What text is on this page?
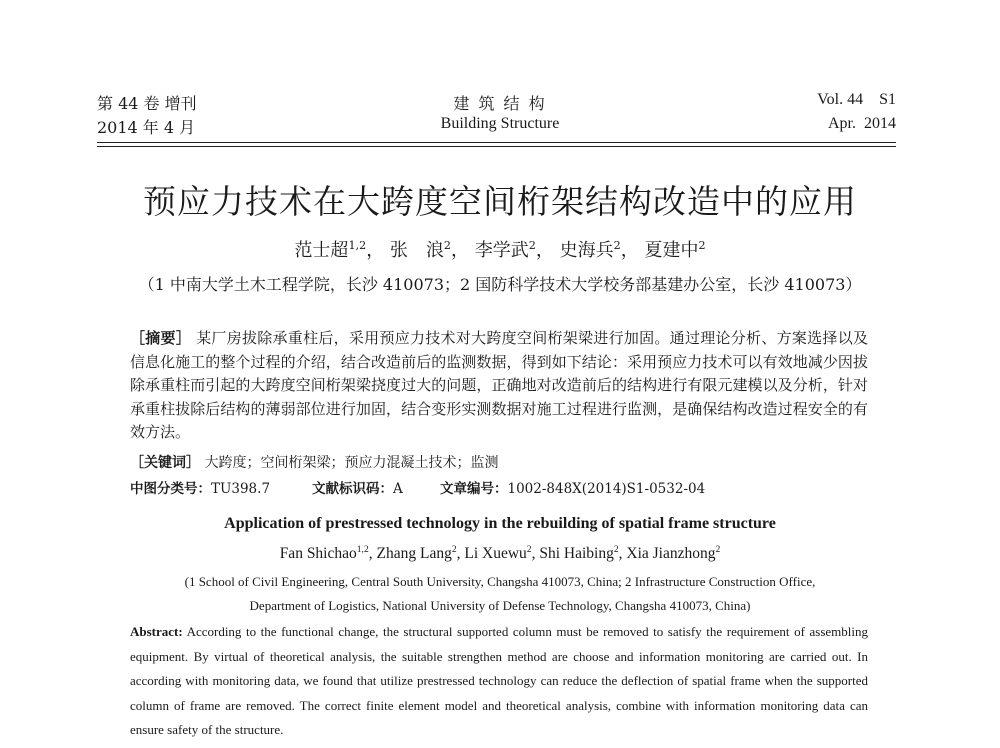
第 44 卷 增刊
2014 年 4 月
建 筑 结 构
Building Structure
Vol. 44    S1
Apr.  2014
预应力技术在大跨度空间桁架结构改造中的应用
范士超$^{1,2}$， 张　浪$^2$， 李学武$^2$， 史海兵$^2$， 夏建中$^2$
（1 中南大学土木工程学院，长沙 410073；2 国防科学技术大学校务部基建办公室，长沙 410073）
［摘要］ 某厂房拔除承重柱后，采用预应力技术对大跨度空间桁架梁进行加固。通过理论分析、方案选择以及信息化施工的整个过程的介绍，结合改造前后的监测数据，得到如下结论：采用预应力技术可以有效地减少因拔除承重柱而引起的大跨度空间桁架梁挠度过大的问题，正确地对改造前后的结构进行有限元建模以及分析，针对承重柱拔除后结构的薄弱部位进行加固，结合变形实测数据对施工过程进行监测，是确保结构改造过程安全的有效方法。
［关键词］ 大跨度；空间桁架梁；预应力混凝土技术；监测
中图分类号：TU398.7	文献标识码：A	文章编号：1002-848X(2014)S1-0532-04
Application of prestressed technology in the rebuilding of spatial frame structure
Fan Shichao$^{1,2}$, Zhang Lang$^2$, Li Xuewu$^2$, Shi Haibing$^2$, Xia Jianzhong$^2$
(1 School of Civil Engineering, Central South University, Changsha 410073, China; 2 Infrastructure Construction Office,
Department of Logistics, National University of Defense Technology, Changsha 410073, China)
Abstract: According to the functional change, the structural supported column must be removed to satisfy the requirement of assembling equipment. By virtual of theoretical analysis, the suitable strengthen method are choose and information monitoring are carried out. In according with monitoring data, we found that utilize prestressed technology can reduce the deflection of spatial frame when the supported column of frame are removed. The correct finite element model and theoretical analysis, combine with information monitoring data can ensure safety of the structure.
